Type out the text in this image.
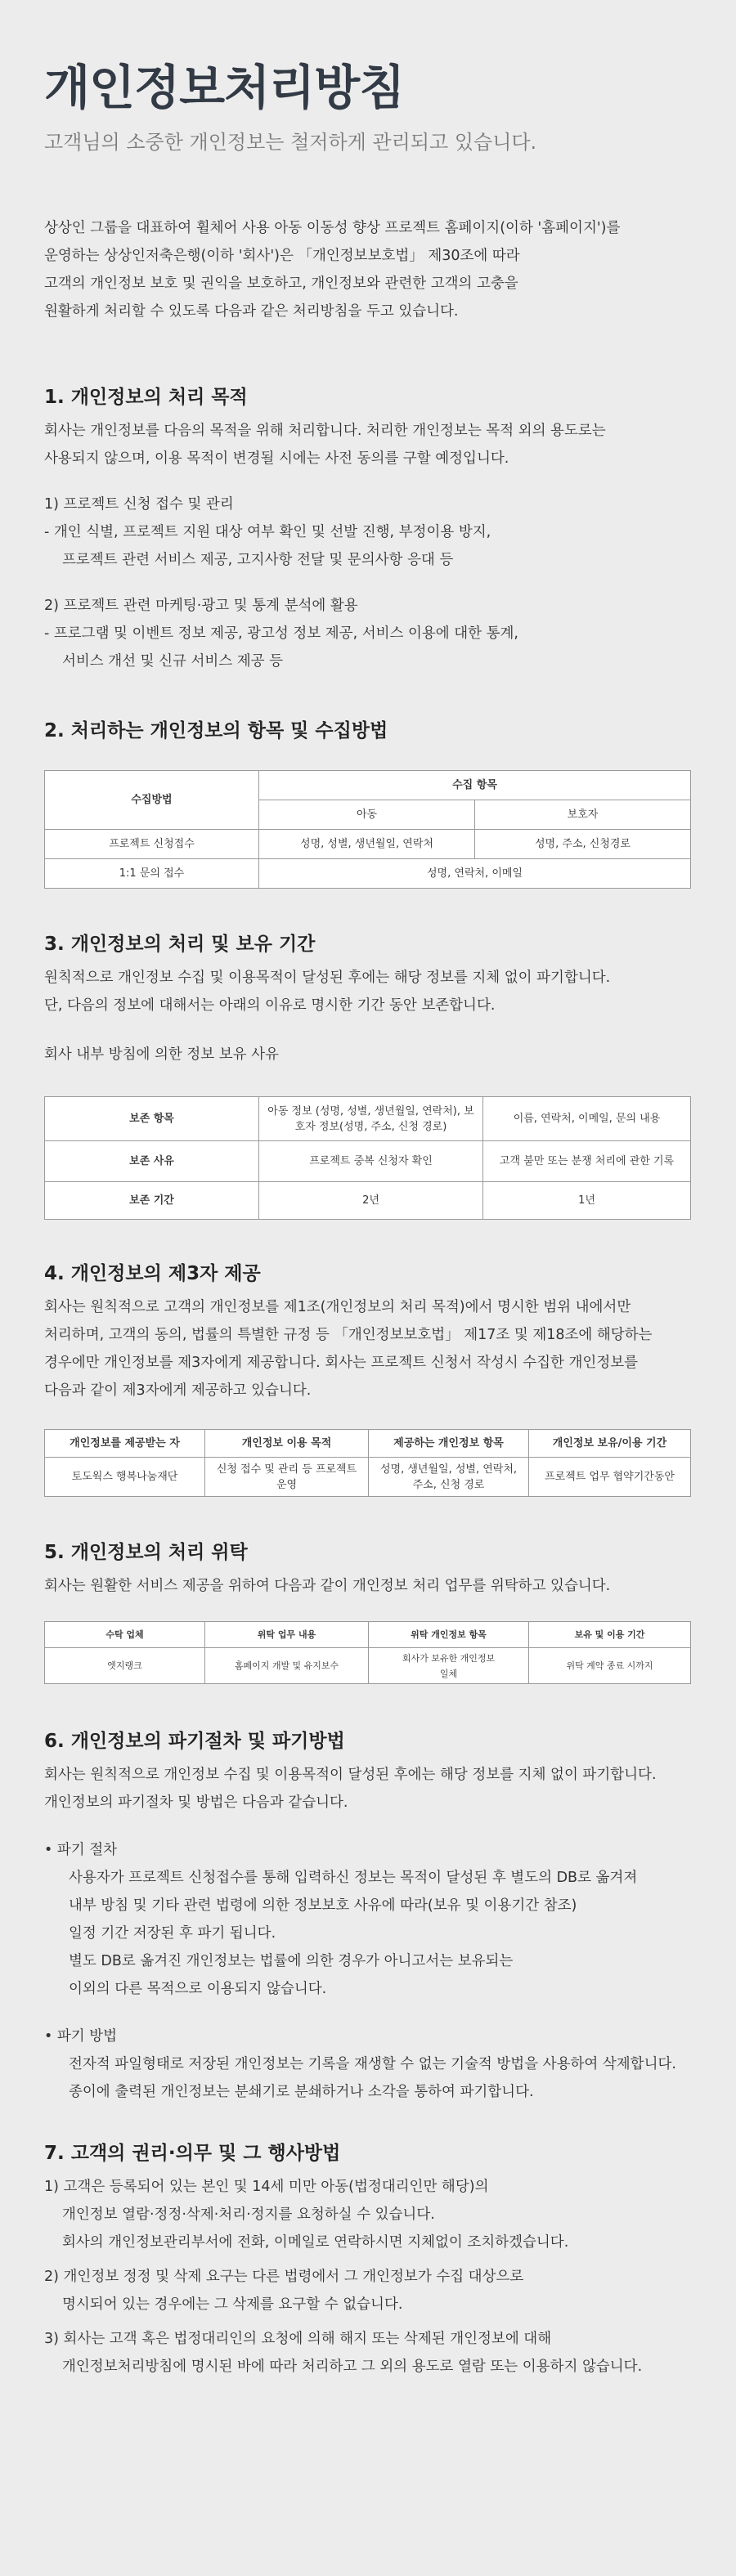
개인정보처리방침

고객님의 소중한 개인정보는 철저하게 관리되고 있습니다.

상상인 그룹을 대표하여 휠체어 사용 아동 이동성 향상 프로젝트 홈페이지(이하 '홈페이지')를
운영하는 상상인저축은행(이하 '회사')은 「개인정보보호법」 제30조에 따라
고객의 개인정보 보호 및 권익을 보호하고, 개인정보와 관련한 고객의 고충을
원활하게 처리할 수 있도록 다음과 같은 처리방침을 두고 있습니다.
1. 개인정보의 처리 목적

회사는 개인정보를 다음의 목적을 위해 처리합니다. 처리한 개인정보는 목적 외의 용도로는

사용되지 않으며, 이용 목적이 변경될 시에는 사전 동의를 구할 예정입니다.

1) 프로젝트 신청 접수 및 관리

- 개인 식별, 프로젝트 지원 대상 여부 확인 및 선발 진행, 부정이용 방지,

프로젝트 관련 서비스 제공, 고지사항 전달 및 문의사항 응대 등

2) 프로젝트 관련 마케팅·광고 및 통계 분석에 활용

- 프로그램 및 이벤트 정보 제공, 광고성 정보 제공, 서비스 이용에 대한 통계,

서비스 개선 및 신규 서비스 제공 등

2. 처리하는 개인정보의 항목 및 수집방법
수집방법	수집 항목	
	아동	보호자
프로젝트 신청접수	성명, 성별, 생년월일, 연락처	성명, 주소, 신청경로
1:1 문의 접수	성명, 연락처, 이메일	
3. 개인정보의 처리 및 보유 기간

원칙적으로 개인정보 수집 및 이용목적이 달성된 후에는 해당 정보를 지체 없이 파기합니다.

단, 다음의 정보에 대해서는 아래의 이유로 명시한 기간 동안 보존합니다.

회사 내부 방침에 의한 정보 보유 사유

보존 항목	아동 정보 (성명, 성별, 생년월일, 연락처), 보호자 정보(성명, 주소, 신청 경로)	이름, 연락처, 이메일, 문의 내용
보존 사유	프로젝트 중복 신청자 확인	고객 불만 또는 분쟁 처리에 관한 기록
보존 기간	2년	1년
4. 개인정보의 제3자 제공

회사는 원칙적으로 고객의 개인정보를 제1조(개인정보의 처리 목적)에서 명시한 범위 내에서만

처리하며, 고객의 동의, 법률의 특별한 규정 등 「개인정보보호법」 제17조 및 제18조에 해당하는

경우에만 개인정보를 제3자에게 제공합니다. 회사는 프로젝트 신청서 작성시 수집한 개인정보를

다음과 같이 제3자에게 제공하고 있습니다.

개인정보를 제공받는 자	개인정보 이용 목적	제공하는 개인정보 항목	개인정보 보유/이용 기간
토도웍스 행복나눔재단	신청 접수 및 관리 등 프로젝트 운영	성명, 생년월일, 성별, 연락처, 주소, 신청 경로	프로젝트 업무 협약기간동안
5. 개인정보의 처리 위탁

회사는 원활한 서비스 제공을 위하여 다음과 같이 개인정보 처리 업무를 위탁하고 있습니다.

수탁 업체	위탁 업무 내용	위탁 개인정보 항목	보유 및 이용 기간
엣지랭크	홈페이지 개발 및 유지보수	회사가 보유한 개인정보 일체	위탁 계약 종료 시까지
6. 개인정보의 파기절차 및 파기방법

회사는 원칙적으로 개인정보 수집 및 이용목적이 달성된 후에는 해당 정보를 지체 없이 파기합니다.

개인정보의 파기절차 및 방법은 다음과 같습니다.

• 파기 절차

사용자가 프로젝트 신청접수를 통해 입력하신 정보는 목적이 달성된 후 별도의 DB로 옮겨져

내부 방침 및 기타 관련 법령에 의한 정보보호 사유에 따라(보유 및 이용기간 참조)

일정 기간 저장된 후 파기 됩니다.

별도 DB로 옮겨진 개인정보는 법률에 의한 경우가 아니고서는 보유되는

이외의 다른 목적으로 이용되지 않습니다.

• 파기 방법

전자적 파일형태로 저장된 개인정보는 기록을 재생할 수 없는 기술적 방법을 사용하여 삭제합니다.

종이에 출력된 개인정보는 분쇄기로 분쇄하거나 소각을 통하여 파기합니다.

7. 고객의 권리·의무 및 그 행사방법

1) 고객은 등록되어 있는 본인 및 14세 미만 아동(법정대리인만 해당)의

개인정보 열람·정정·삭제·처리·정지를 요청하실 수 있습니다.

회사의 개인정보관리부서에 전화, 이메일로 연락하시면 지체없이 조치하겠습니다.

2) 개인정보 정정 및 삭제 요구는 다른 법령에서 그 개인정보가 수집 대상으로

명시되어 있는 경우에는 그 삭제를 요구할 수 없습니다.

3) 회사는 고객 혹은 법정대리인의 요청에 의해 해지 또는 삭제된 개인정보에 대해

개인정보처리방침에 명시된 바에 따라 처리하고 그 외의 용도로 열람 또는 이용하지 않습니다.
